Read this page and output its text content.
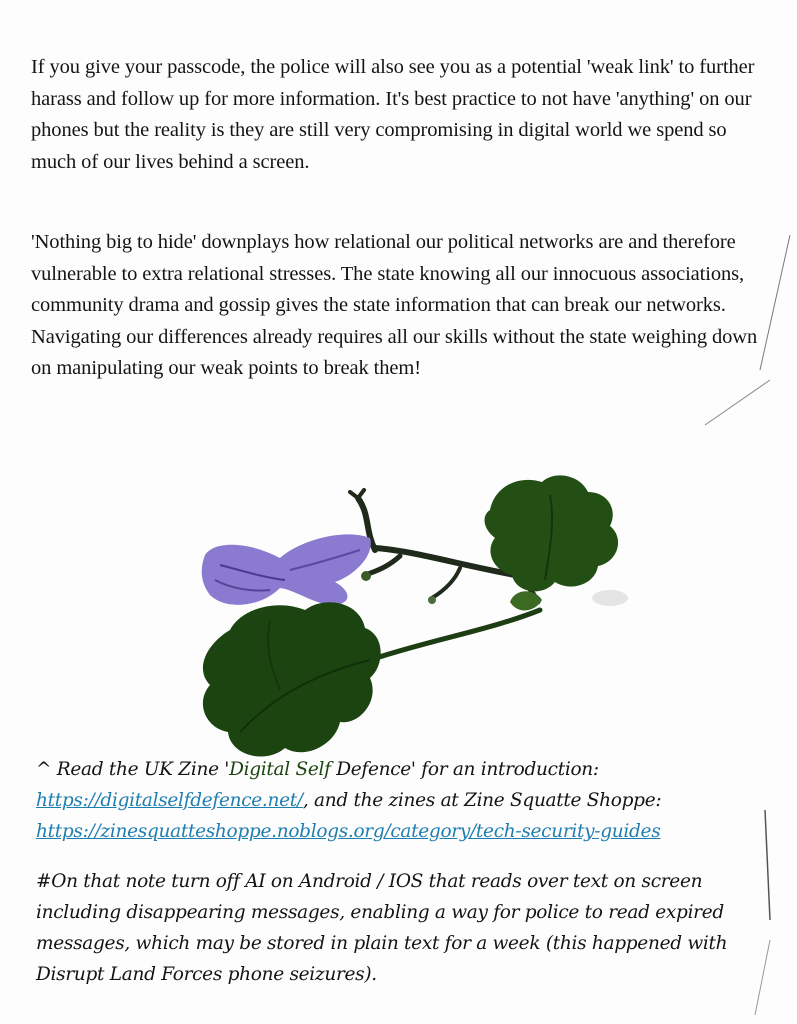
If you give your passcode, the police will also see you as a potential 'weak link' to further harass and follow up for more information. It's best practice to not have 'anything' on our phones but the reality is they are still very compromising in digital world we spend so much of our lives behind a screen.

'Nothing big to hide' downplays how relational our political networks are and therefore vulnerable to extra relational stresses. The state knowing all our innocuous associations, community drama and gossip gives the state information that can break our networks. Navigating our differences already requires all our skills without the state weighing down on manipulating our weak points to break them!

^ Read the UK Zine 'Digital Self Defence' for an introduction:
https://digitalselfdefence.net/, and the zines at Zine Squatte Shoppe:
https://zinesquatteshoppe.noblogs.org/category/tech-security-guides

#On that note turn off AI on Android / IOS that reads over text on screen including disappearing messages, enabling a way for police to read expired messages, which may be stored in plain text for a week (this happened with Disrupt Land Forces phone seizures).
